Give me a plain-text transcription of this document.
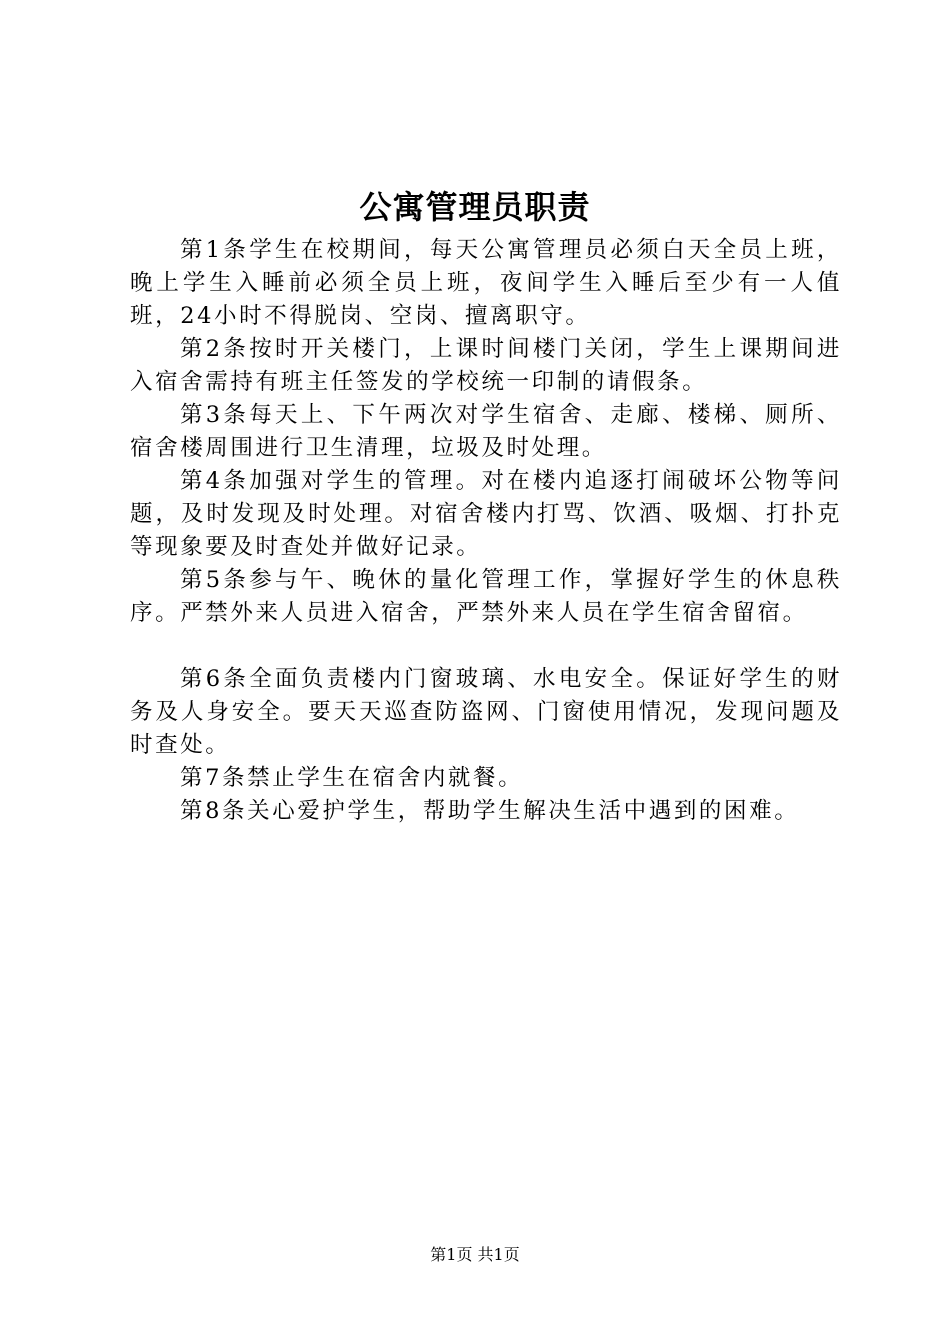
公寓管理员职责

第1条学生在校期间，每天公寓管理员必须白天全员上班，晚上学生入睡前必须全员上班，夜间学生入睡后至少有一人值班，24小时不得脱岗、空岗、擅离职守。

第2条按时开关楼门，上课时间楼门关闭，学生上课期间进入宿舍需持有班主任签发的学校统一印制的请假条。

第3条每天上、下午两次对学生宿舍、走廊、楼梯、厕所、宿舍楼周围进行卫生清理，垃圾及时处理。

第4条加强对学生的管理。对在楼内追逐打闹破坏公物等问题，及时发现及时处理。对宿舍楼内打骂、饮酒、吸烟、打扑克等现象要及时查处并做好记录。

第5条参与午、晚休的量化管理工作，掌握好学生的休息秩序。严禁外来人员进入宿舍，严禁外来人员在学生宿舍留宿。

第6条全面负责楼内门窗玻璃、水电安全。保证好学生的财务及人身安全。要天天巡查防盗网、门窗使用情况，发现问题及时查处。

第7条禁止学生在宿舍内就餐。

第8条关心爱护学生，帮助学生解决生活中遇到的困难。

第1页 共1页
